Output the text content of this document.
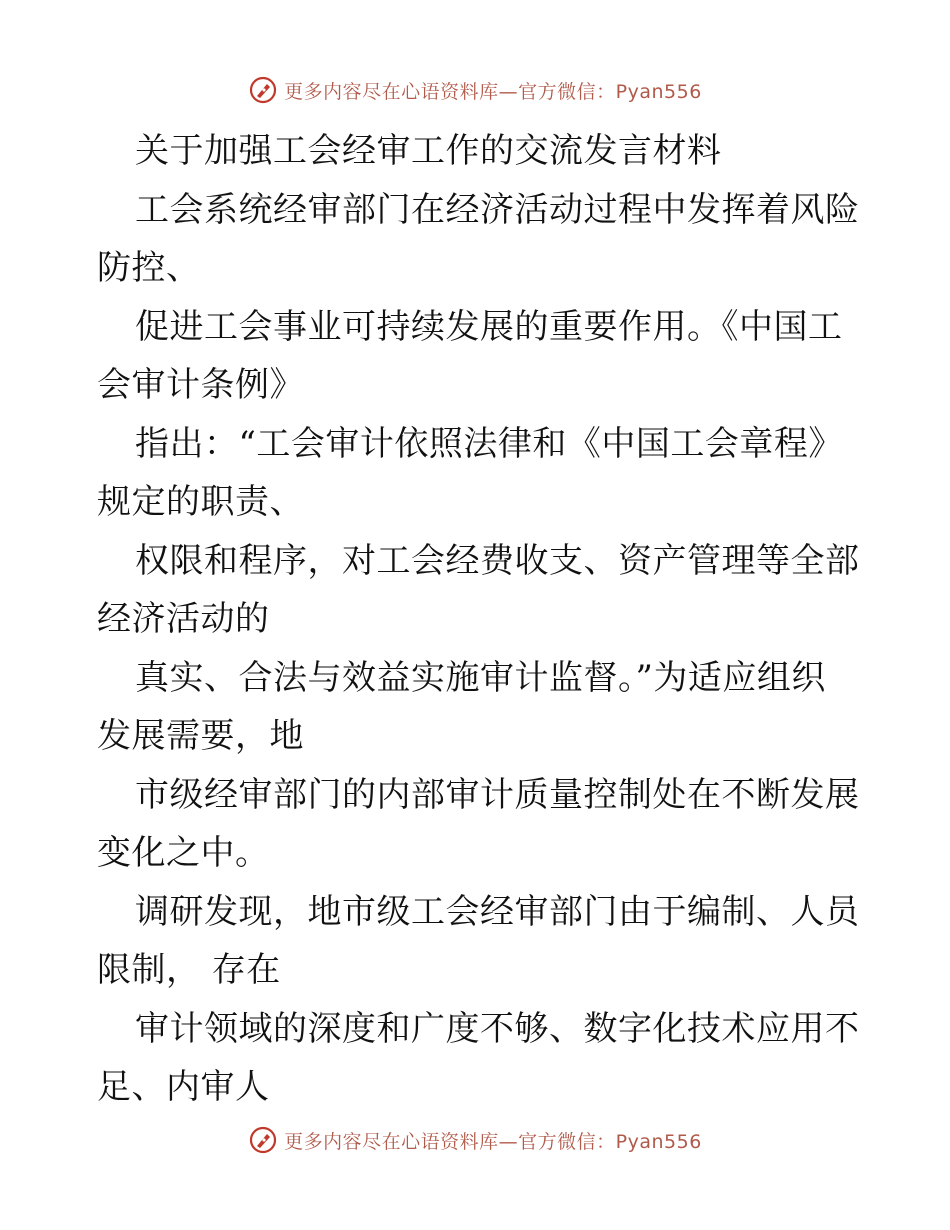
更多内容尽在心语资料库—官方微信：Pyan556
关于加强工会经审工作的交流发言材料
工会系统经审部门在经济活动过程中发挥着风险
防控、
促进工会事业可持续发展的重要作用。《中国工
会审计条例》
指出：“工会审计依照法律和《中国工会章程》
规定的职责、
权限和程序，对工会经费收支、资产管理等全部
经济活动的
真实、合法与效益实施审计监督。”为适应组织
发展需要，地
市级经审部门的内部审计质量控制处在不断发展
变化之中。
调研发现，地市级工会经审部门由于编制、人员
限制， 存在
审计领域的深度和广度不够、数字化技术应用不
足、内审人
更多内容尽在心语资料库—官方微信：Pyan556
